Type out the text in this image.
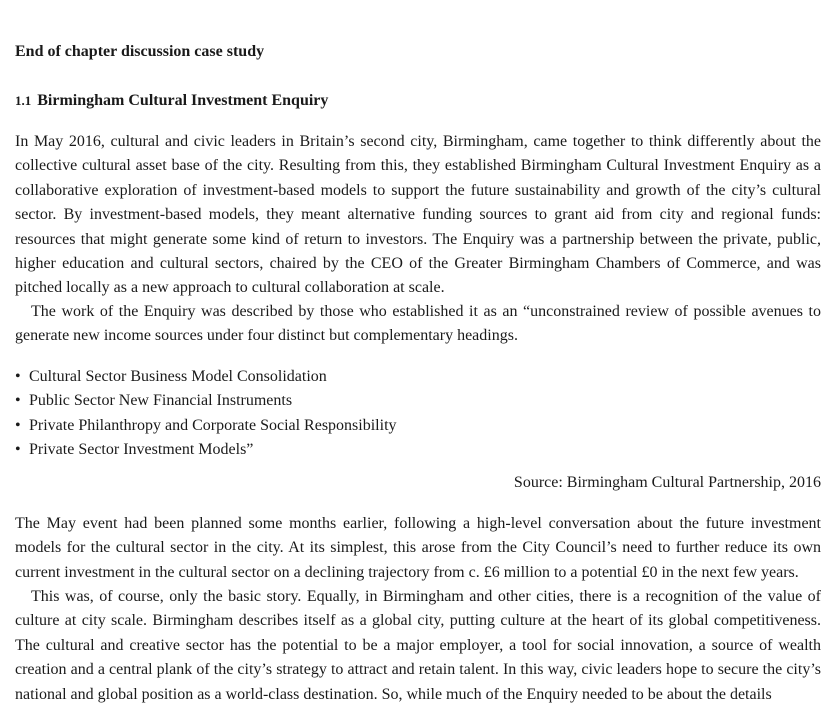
End of chapter discussion case study
1.1 Birmingham Cultural Investment Enquiry

In May 2016, cultural and civic leaders in Britain’s second city, Birmingham, came together to think differently about the collective cultural asset base of the city. Resulting from this, they established Birmingham Cultural Investment Enquiry as a collaborative exploration of investment-based models to support the future sustainability and growth of the city’s cultural sector. By investment-based models, they meant alternative funding sources to grant aid from city and regional funds: resources that might generate some kind of return to investors. The Enquiry was a partnership between the private, public, higher education and cultural sectors, chaired by the CEO of the Greater Birmingham Chambers of Commerce, and was pitched locally as a new approach to cultural collaboration at scale.

The work of the Enquiry was described by those who established it as an “unconstrained review of possible avenues to generate new income sources under four distinct but complementary headings.

• Cultural Sector Business Model Consolidation
• Public Sector New Financial Instruments
• Private Philanthropy and Corporate Social Responsibility
• Private Sector Investment Models”

Source: Birmingham Cultural Partnership, 2016

The May event had been planned some months earlier, following a high-level conversation about the future investment models for the cultural sector in the city. At its simplest, this arose from the City Council’s need to further reduce its own current investment in the cultural sector on a declining trajectory from c. £6 million to a potential £0 in the next few years.

This was, of course, only the basic story. Equally, in Birmingham and other cities, there is a recognition of the value of culture at city scale. Birmingham describes itself as a global city, putting culture at the heart of its global competitiveness. The cultural and creative sector has the potential to be a major employer, a tool for social innovation, a source of wealth creation and a central plank of the city’s strategy to attract and retain talent. In this way, civic leaders hope to secure the city’s national and global position as a world-class destination. So, while much of the Enquiry needed to be about the details
